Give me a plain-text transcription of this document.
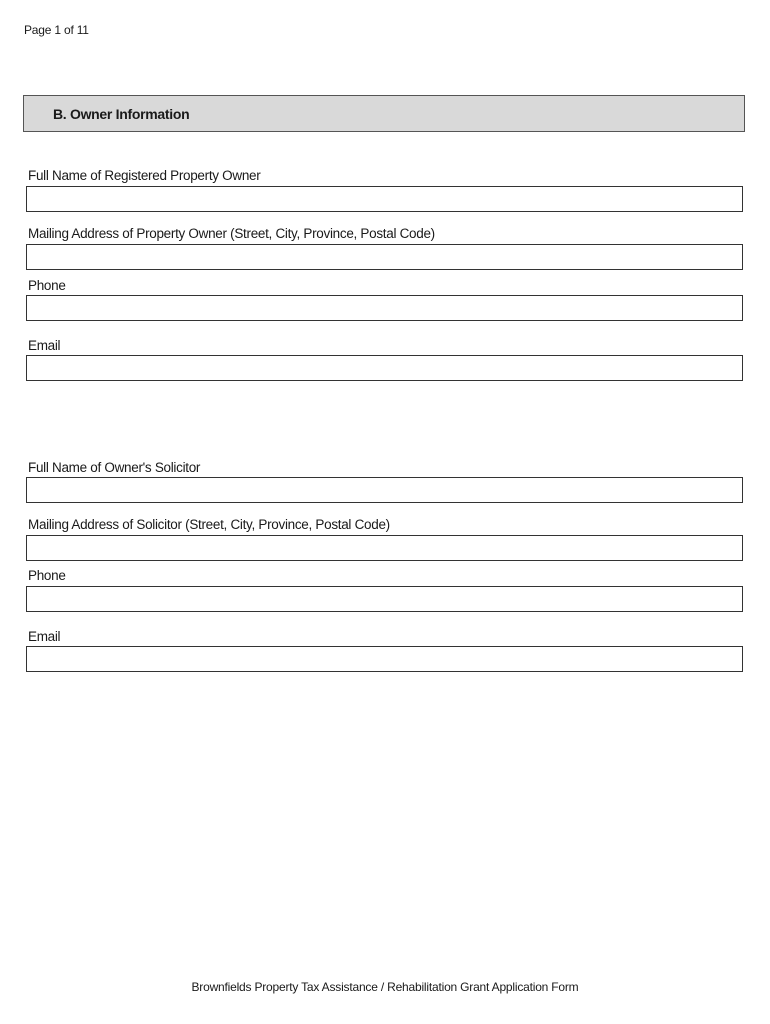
Page 1 of 11
B. Owner Information
Full Name of Registered Property Owner
Mailing Address of Property Owner (Street, City, Province, Postal Code)
Phone
Email
Full Name of Owner's Solicitor
Mailing Address of Solicitor (Street, City, Province, Postal Code)
Phone
Email
Brownfields Property Tax Assistance / Rehabilitation Grant Application Form
